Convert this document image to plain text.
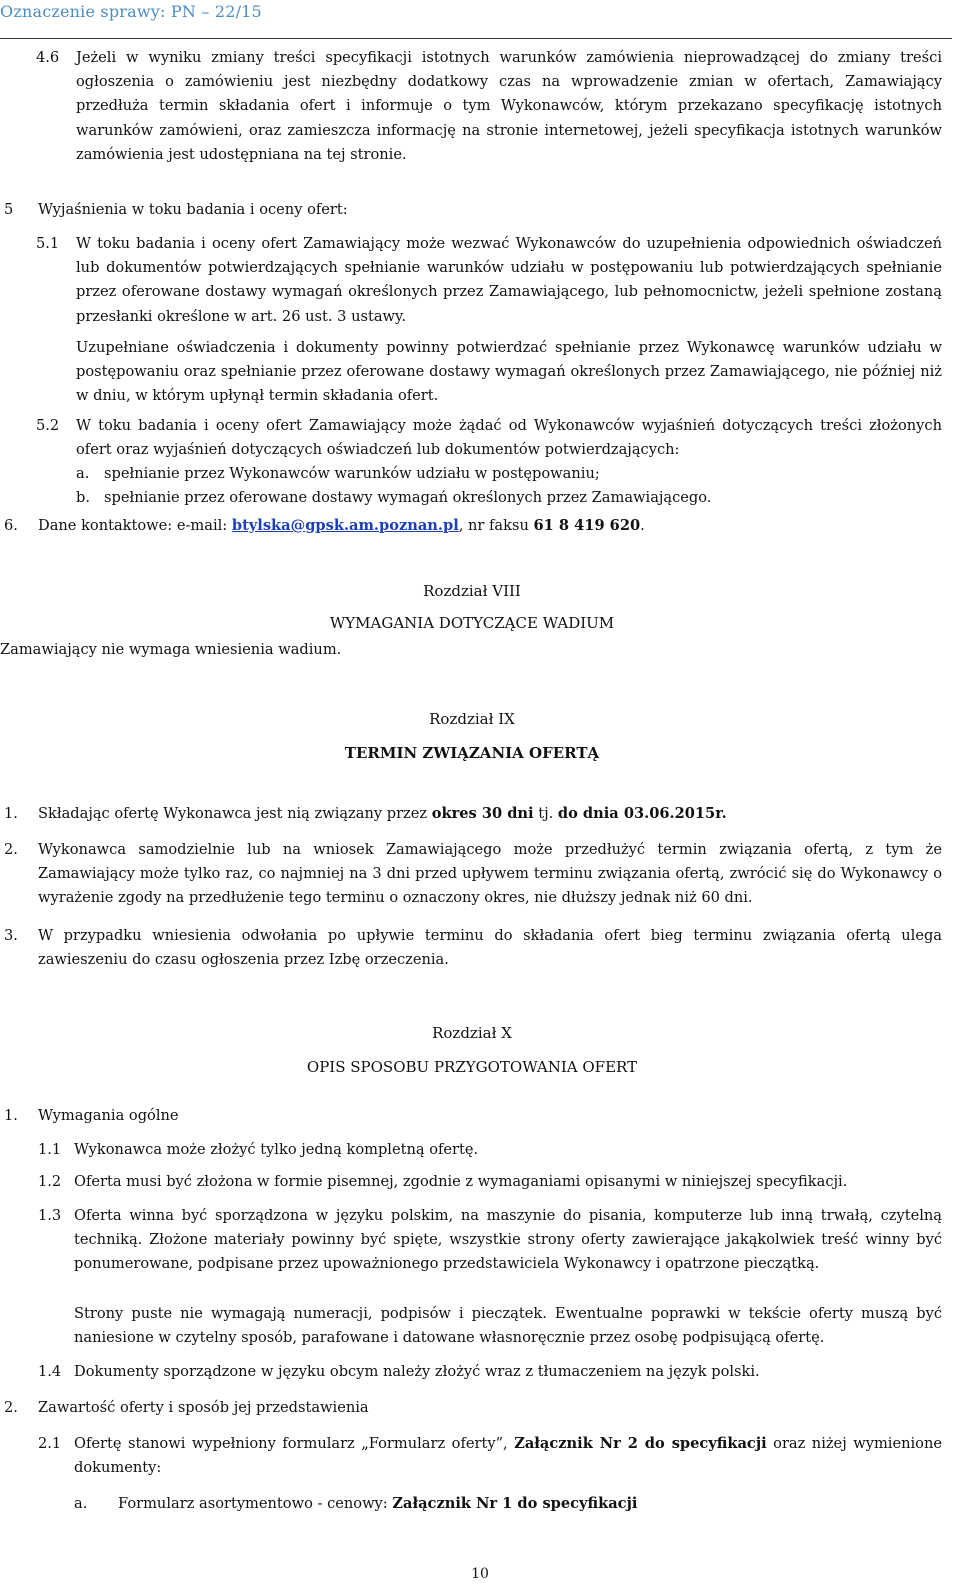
Oznaczenie sprawy: PN – 22/15
4.6 Jeżeli w wyniku zmiany treści specyfikacji istotnych warunków zamówienia nieprowadzącej do zmiany treści ogłoszenia o zamówieniu jest niezbędny dodatkowy czas na wprowadzenie zmian w ofertach, Zamawiający przedłuża termin składania ofert i informuje o tym Wykonawców, którym przekazano specyfikację istotnych warunków zamówieni, oraz zamieszcza informację na stronie internetowej, jeżeli specyfikacja istotnych warunków zamówienia jest udostępniana na tej stronie.

5 Wyjaśnienia w toku badania i oceny ofert:
5.1 W toku badania i oceny ofert Zamawiający może wezwać Wykonawców do uzupełnienia odpowiednich oświadczeń lub dokumentów potwierdzających spełnianie warunków udziału w postępowaniu lub potwierdzających spełnianie przez oferowane dostawy wymagań określonych przez Zamawiającego, lub pełnomocnictw, jeżeli spełnione zostaną przesłanki określone w art. 26 ust. 3 ustawy.

Uzupełniane oświadczenia i dokumenty powinny potwierdzać spełnianie przez Wykonawcę warunków udziału w postępowaniu oraz spełnianie przez oferowane dostawy wymagań określonych przez Zamawiającego, nie później niż w dniu, w którym upłynął termin składania ofert.

5.2 W toku badania i oceny ofert Zamawiający może żądać od Wykonawców wyjaśnień dotyczących treści złożonych ofert oraz wyjaśnień dotyczących oświadczeń lub dokumentów potwierdzających:

a. spełnianie przez Wykonawców warunków udziału w postępowaniu;
b. spełnianie przez oferowane dostawy wymagań określonych przez Zamawiającego.
6. Dane kontaktowe: e-mail: btylska@gpsk.am.poznan.pl, nr faksu 61 8 419 620.
Rozdział VIII
WYMAGANIA DOTYCZĄCE WADIUM
Zamawiający nie wymaga wniesienia wadium.
Rozdział IX
TERMIN ZWIĄZANIA OFERTĄ
1. Składając ofertę Wykonawca jest nią związany przez okres 30 dni tj. do dnia 03.06.2015r.
2. Wykonawca samodzielnie lub na wniosek Zamawiającego może przedłużyć termin związania ofertą, z tym że Zamawiający może tylko raz, co najmniej na 3 dni przed upływem terminu związania ofertą, zwrócić się do Wykonawcy o wyrażenie zgody na przedłużenie tego terminu o oznaczony okres, nie dłuższy jednak niż 60 dni.

3. W przypadku wniesienia odwołania po upływie terminu do składania ofert bieg terminu związania ofertą ulega zawieszeniu do czasu ogłoszenia przez Izbę orzeczenia.

Rozdział X
OPIS SPOSOBU PRZYGOTOWANIA OFERT
1. Wymagania ogólne
1.1 Wykonawca może złożyć tylko jedną kompletną ofertę.
1.2 Oferta musi być złożona w formie pisemnej, zgodnie z wymaganiami opisanymi w niniejszej specyfikacji.
1.3 Oferta winna być sporządzona w języku polskim, na maszynie do pisania, komputerze lub inną trwałą, czytelną techniką. Złożone materiały powinny być spięte, wszystkie strony oferty zawierające jakąkolwiek treść winny być ponumerowane, podpisane przez upoważnionego przedstawiciela Wykonawcy i opatrzone pieczątką.

Strony puste nie wymagają numeracji, podpisów i pieczątek. Ewentualne poprawki w tekście oferty muszą być naniesione w czytelny sposób, parafowane i datowane własnoręcznie przez osobę podpisującą ofertę.

1.4 Dokumenty sporządzone w języku obcym należy złożyć wraz z tłumaczeniem na język polski.
2. Zawartość oferty i sposób jej przedstawienia
2.1 Ofertę stanowi wypełniony formularz „Formularz oferty”, Załącznik Nr 2 do specyfikacji oraz niżej wymienione dokumenty:

a. Formularz asortymentowo - cenowy: Załącznik Nr 1 do specyfikacji
10
